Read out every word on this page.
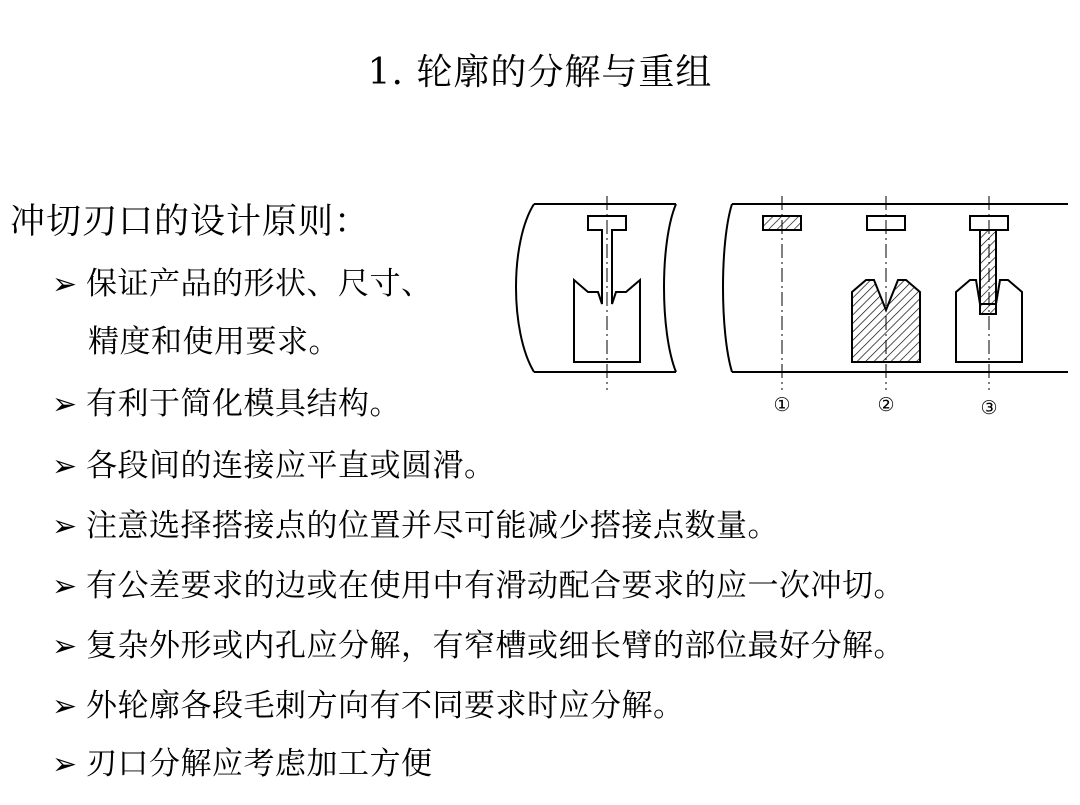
1. 轮廓的分解与重组
冲切刃口的设计原则：
➢ 保证产品的形状、尺寸、
精度和使用要求。
➢ 有利于简化模具结构。
➢ 各段间的连接应平直或圆滑。
➢ 注意选择搭接点的位置并尽可能减少搭接点数量。
➢ 有公差要求的边或在使用中有滑动配合要求的应一次冲切。
➢ 复杂外形或内孔应分解，有窄槽或细长臂的部位最好分解。
➢ 外轮廓各段毛刺方向有不同要求时应分解。
➢ 刃口分解应考虑加工方便
①	②	③
